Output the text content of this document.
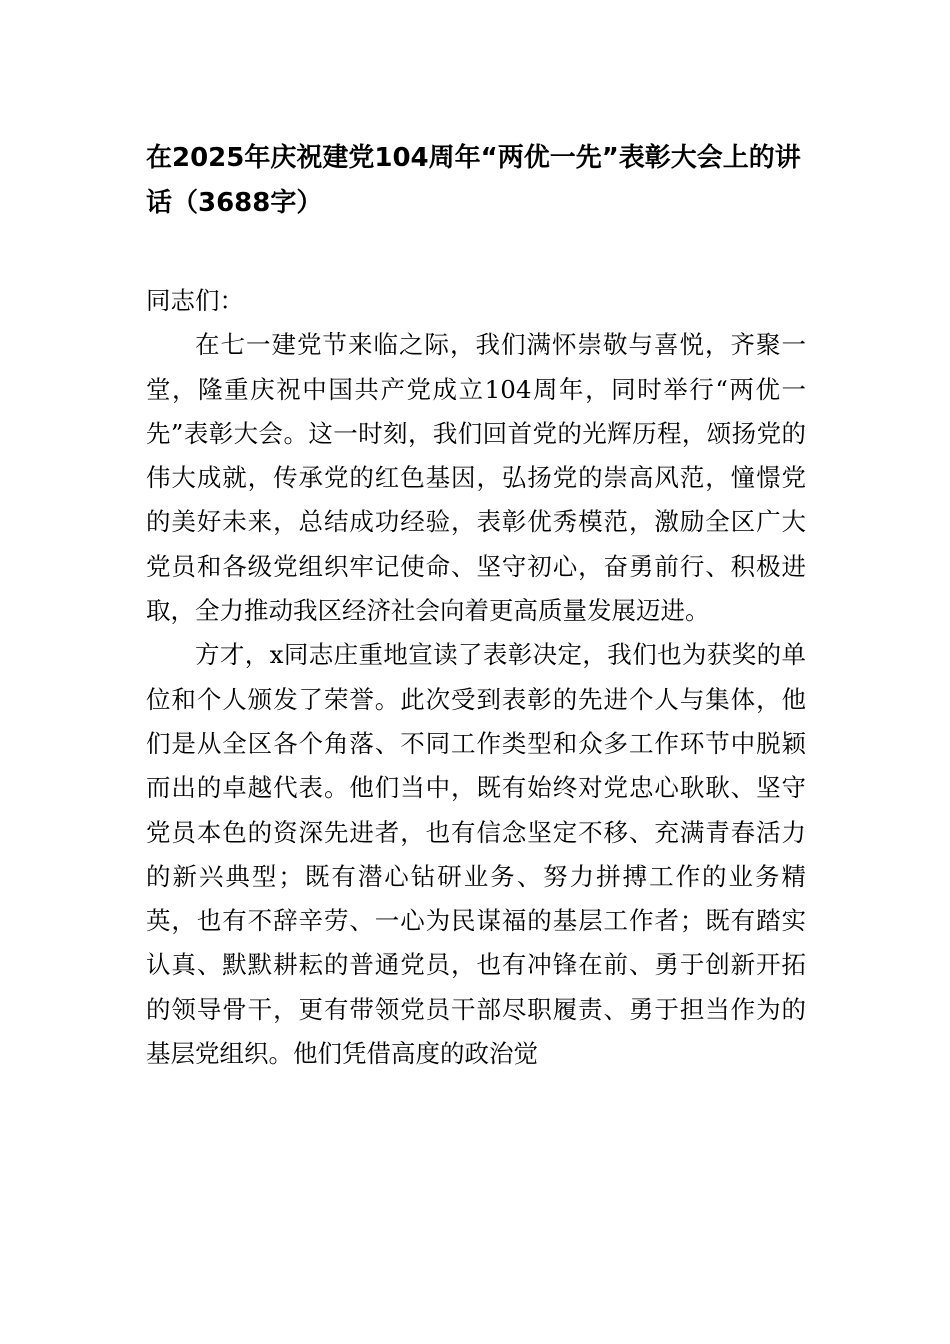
在2025年庆祝建党104周年“两优一先”表彰大会上的讲话（3688字）

同志们：

在七一建党节来临之际，我们满怀崇敬与喜悦，齐聚一堂，隆重庆祝中国共产党成立104周年，同时举行“两优一先”表彰大会。这一时刻，我们回首党的光辉历程，颂扬党的伟大成就，传承党的红色基因，弘扬党的崇高风范，憧憬党的美好未来，总结成功经验，表彰优秀模范，激励全区广大党员和各级党组织牢记使命、坚守初心，奋勇前行、积极进取，全力推动我区经济社会向着更高质量发展迈进。

方才，x同志庄重地宣读了表彰决定，我们也为获奖的单位和个人颁发了荣誉。此次受到表彰的先进个人与集体，他们是从全区各个角落、不同工作类型和众多工作环节中脱颖而出的卓越代表。他们当中，既有始终对党忠心耿耿、坚守党员本色的资深先进者，也有信念坚定不移、充满青春活力的新兴典型；既有潜心钻研业务、努力拼搏工作的业务精英，也有不辞辛劳、一心为民谋福的基层工作者；既有踏实认真、默默耕耘的普通党员，也有冲锋在前、勇于创新开拓的领导骨干，更有带领党员干部尽职履责、勇于担当作为的基层党组织。他们凭借高度的政治觉
